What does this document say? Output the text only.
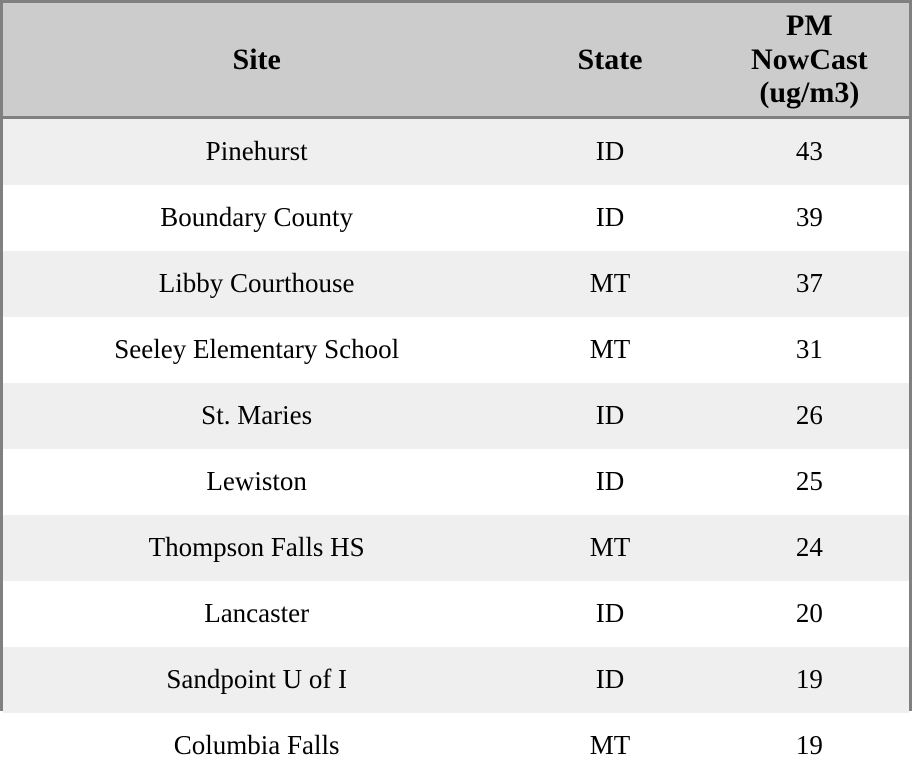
Site	State	PM
NowCast
(ug/m3)
Pinehurst	ID	43
Boundary County	ID	39
Libby Courthouse	MT	37
Seeley Elementary School	MT	31
St. Maries	ID	26
Lewiston	ID	25
Thompson Falls HS	MT	24
Lancaster	ID	20
Sandpoint U of I	ID	19
Columbia Falls	MT	19
